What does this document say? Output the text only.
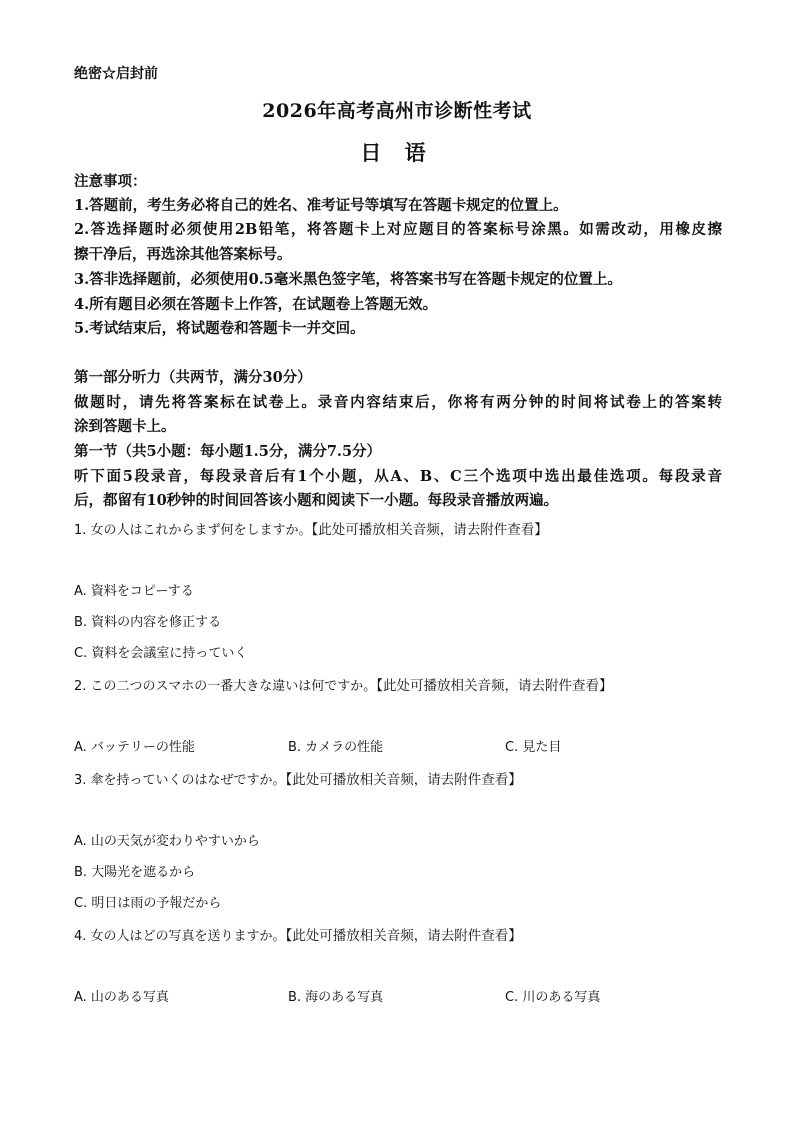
绝密☆启封前
2026年高考高州市诊断性考试
日 语
注意事项：
1.答题前，考生务必将自己的姓名、准考证号等填写在答题卡规定的位置上。
2.答选择题时必须使用2B铅笔，将答题卡上对应题目的答案标号涂黑。如需改动，用橡皮擦
擦干净后，再选涂其他答案标号。
3.答非选择题前，必须使用0.5毫米黑色签字笔，将答案书写在答题卡规定的位置上。
4.所有题目必须在答题卡上作答，在试题卷上答题无效。
5.考试结束后，将试题卷和答题卡一并交回。
第一部分听力（共两节，满分30分）
做题时，请先将答案标在试卷上。录音内容结束后，你将有两分钟的时间将试卷上的答案转
涂到答题卡上。
第一节（共5小题：每小题1.5分，满分7.5分）
听下面5段录音，每段录音后有1个小题，从A、B、C三个选项中选出最佳选项。每段录音
后，都留有10秒钟的时间回答该小题和阅读下一小题。每段录音播放两遍。
1. 女の人はこれからまず何をしますか。【此处可播放相关音频，请去附件查看】
A. 資料をコピーする
B. 資料の内容を修正する
C. 資料を会議室に持っていく
2. この二つのスマホの一番大きな違いは何ですか。【此处可播放相关音频，请去附件查看】
A. バッテリーの性能	B. カメラの性能	C. 見た目
3. 傘を持っていくのはなぜですか。【此处可播放相关音频，请去附件查看】
A. 山の天気が変わりやすいから
B. 大陽光を遮るから
C. 明日は雨の予報だから
4. 女の人はどの写真を送りますか。【此处可播放相关音频，请去附件查看】
A. 山のある写真	B. 海のある写真	C. 川のある写真
